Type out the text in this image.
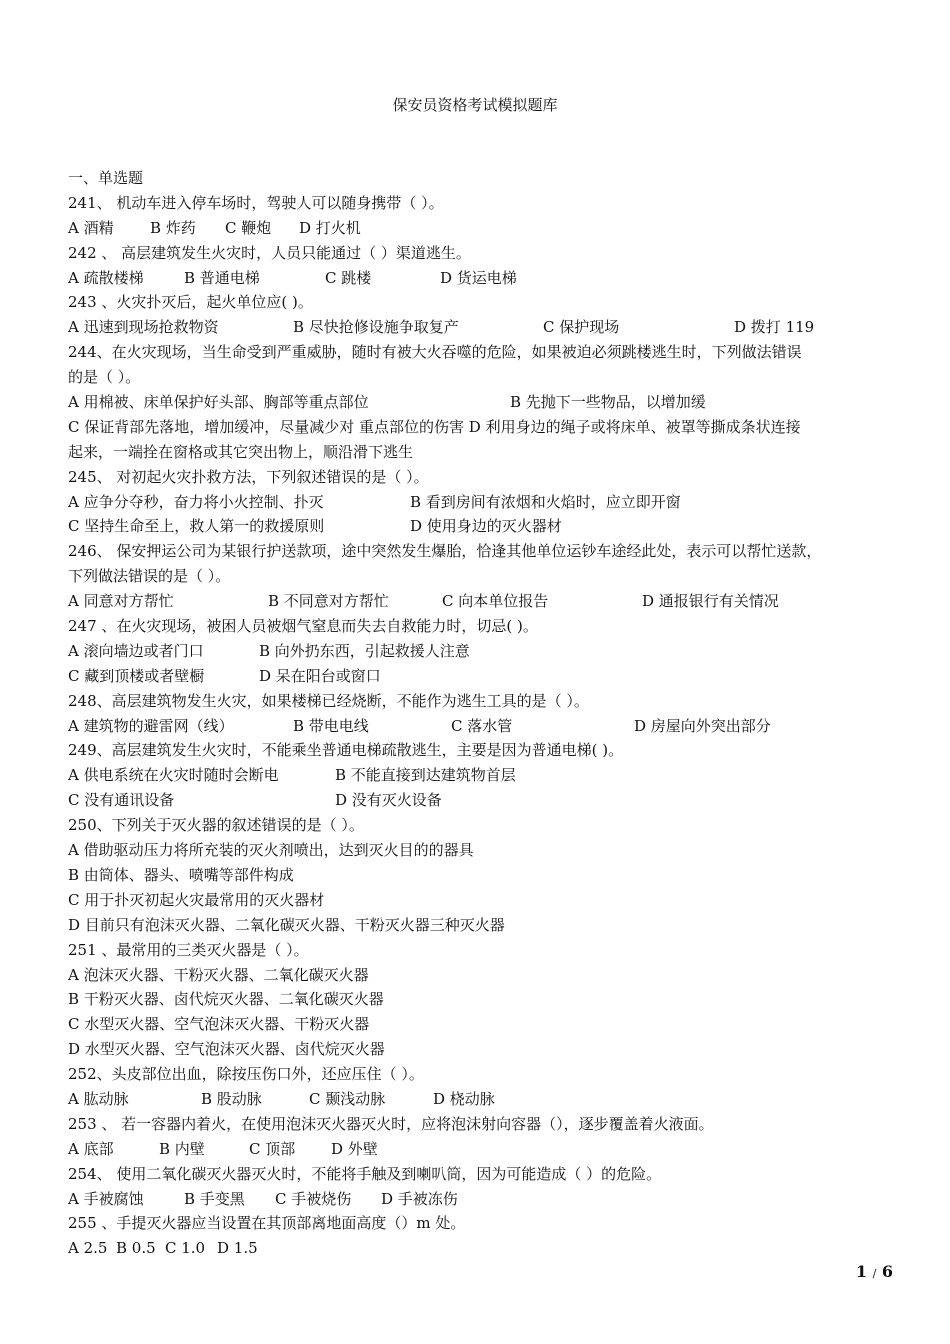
保安员资格考试模拟题库
一、单选题
241、 机动车进入停车场时，驾驶人可以随身携带（ ）。
A 酒精 B 炸药 C 鞭炮 D 打火机
242 、 高层建筑发生火灾时，人员只能通过（ ）渠道逃生。
A 疏散楼梯	B 普通电梯	C 跳楼	D 货运电梯
243 、火灾扑灭后，起火单位应( )。
A 迅速到现场抢救物资	B 尽快抢修设施争取复产	C 保护现场	D 拨打 119
244、在火灾现场，当生命受到严重威胁，随时有被大火吞噬的危险，如果被迫必须跳楼逃生时，下列做法错误
的是（ ）。
A 用棉被、床单保护好头部、胸部等重点部位	B 先抛下一些物品，以增加缓
C 保证背部先落地，增加缓冲，尽量减少对 重点部位的伤害 D 利用身边的绳子或将床单、被罩等撕成条状连接
起来，一端拴在窗格或其它突出物上，顺沿滑下逃生
245、 对初起火灾扑救方法，下列叙述错误的是（ ）。
A 应争分夺秒，奋力将小火控制、扑灭	B 看到房间有浓烟和火焰时，应立即开窗
C 坚持生命至上，救人第一的救援原则	D 使用身边的灭火器材
246、 保安押运公司为某银行护送款项，途中突然发生爆胎，恰逢其他单位运钞车途经此处，表示可以帮忙送款，
下列做法错误的是（ ）。
A 同意对方帮忙	B 不同意对方帮忙	C 向本单位报告	D 通报银行有关情况
247 、在火灾现场，被困人员被烟气窒息而失去自救能力时，切忌( )。
A 滚向墙边或者门口	B 向外扔东西，引起救援人注意
C 藏到顶楼或者壁橱	D 呆在阳台或窗口
248、高层建筑物发生火灾，如果楼梯已经烧断，不能作为逃生工具的是（ ）。
A 建筑物的避雷网（线）	B 带电电线	C 落水管	D 房屋向外突出部分
249、高层建筑发生火灾时，不能乘坐普通电梯疏散逃生，主要是因为普通电梯( )。
A 供电系统在火灾时随时会断电	B 不能直接到达建筑物首层
C 没有通讯设备	D 没有灭火设备
250、下列关于灭火器的叙述错误的是（ ）。
A 借助驱动压力将所充装的灭火剂喷出，达到灭火目的的器具
B 由筒体、器头、喷嘴等部件构成
C 用于扑灭初起火灾最常用的灭火器材
D 目前只有泡沫灭火器、二氧化碳灭火器、干粉灭火器三种灭火器
251 、最常用的三类灭火器是（ ）。
A 泡沫灭火器、干粉灭火器、二氧化碳灭火器
B 干粉灭火器、卤代烷灭火器、二氧化碳灭火器
C 水型灭火器、空气泡沫灭火器、干粉灭火器
D 水型灭火器、空气泡沫灭火器、卤代烷灭火器
252、头皮部位出血，除按压伤口外，还应压住（ ）。
A 肱动脉	B 股动脉	C 颞浅动脉	D 桡动脉
253 、 若一容器内着火，在使用泡沫灭火器灭火时，应将泡沫射向容器（），逐步覆盖着火液面。
A 底部	B 内壁	C 顶部 D 外壁
254、 使用二氧化碳灭火器灭火时，不能将手触及到喇叭筒，因为可能造成（ ）的危险。
A 手被腐蚀	B 手变黑 C 手被烧伤 D 手被冻伤
255 、手提灭火器应当设置在其顶部离地面高度（）m 处。
A 2.5 B 0.5 C 1.0 D 1.5
1 / 6
